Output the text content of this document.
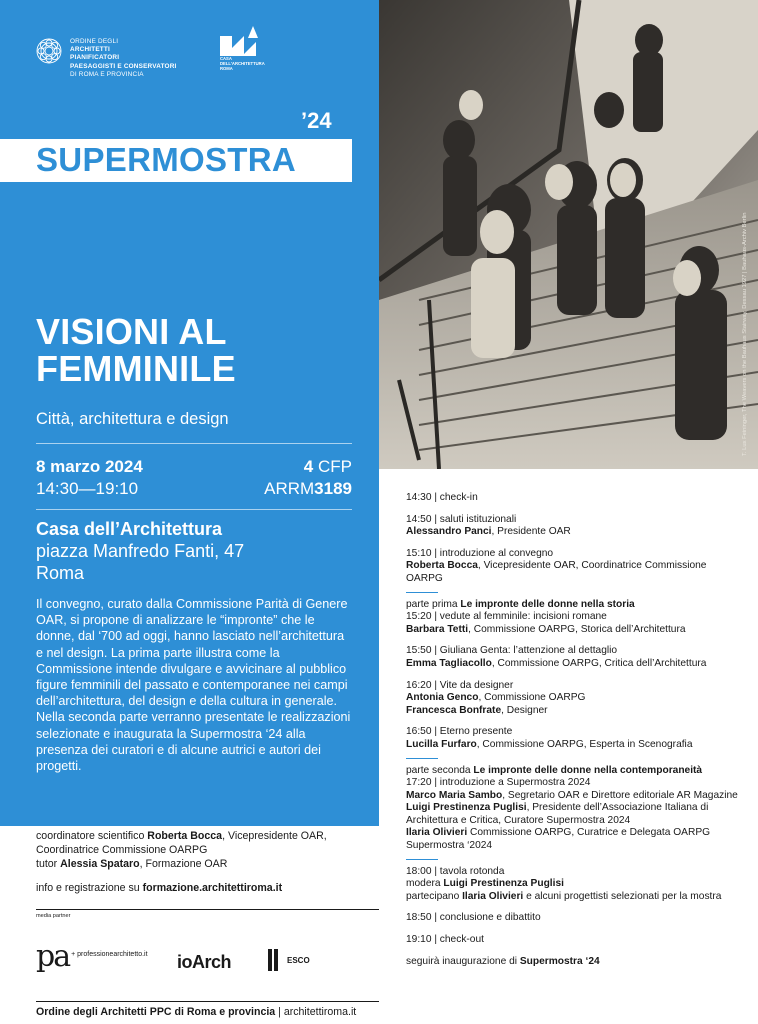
ORDINE DEGLI
ARCHITETTI
PIANIFICATORI
PAESAGGISTI E CONSERVATORI
DI ROMA E PROVINCIA
CASA
DELL'ARCHITETTURA
ROMA
’24
SUPERMOSTRA
VISIONI AL
FEMMINILE
Città, architettura e design
8 marzo 2024
14:30—19:10
4 CFP
ARRM3189
Casa dell’Architettura
piazza Manfredo Fanti, 47
Roma
Il convegno, curato dalla Commissione Parità di Genere OAR, si propone di analizzare le “impronte” che le donne, dal ‘700 ad oggi, hanno lasciato nell’architettura e nel design. La prima parte illustra come la Commissione intende divulgare e avvicinare al pubblico figure femminili del passato e contemporanee nei campi dell’architettura, del design e della cultura in generale. Nella seconda parte verranno presentate le realizzazioni selezionate e inaugurata la Supermostra ‘24 alla presenza dei curatori e di alcune autrici e autori dei progetti.
coordinatore scientifico Roberta Bocca, Vicepresidente OAR,
Coordinatrice Commissione OARPG
tutor Alessia Spataro, Formazione OAR
info e registrazione su formazione.architettiroma.it
media partner
pa + professionearchitetto.it ioArch	ESCO
Ordine degli Architetti PPC di Roma e provincia | architettiroma.it
T. Lux Feininger, The Weavers on the Bauhaus Stairway, Dessau 1927 | Bauhaus-Archiv Berlin
14:30 | check-in
14:50 | saluti istituzionali
Alessandro Panci, Presidente OAR
15:10 | introduzione al convegno
Roberta Bocca, Vicepresidente OAR, Coordinatrice Commissione OARPG
parte prima Le impronte delle donne nella storia
15:20 | vedute al femminile: incisioni romane
Barbara Tetti, Commissione OARPG, Storica dell’Architettura
15:50 | Giuliana Genta: l’attenzione al dettaglio
Emma Tagliacollo, Commissione OARPG, Critica dell’Architettura
16:20 | Vite da designer
Antonia Genco, Commissione OARPG
Francesca Bonfrate, Designer
16:50 | Eterno presente
Lucilla Furfaro, Commissione OARPG, Esperta in Scenografia
parte seconda Le impronte delle donne nella contemporaneità
17:20 | introduzione a Supermostra 2024
Marco Maria Sambo, Segretario OAR e Direttore editoriale AR Magazine
Luigi Prestinenza Puglisi, Presidente dell’Associazione Italiana di Architettura e Critica, Curatore Supermostra 2024
Ilaria Olivieri Commissione OARPG, Curatrice e Delegata OARPG Supermostra ‘2024
18:00 | tavola rotonda
modera Luigi Prestinenza Puglisi
partecipano Ilaria Olivieri e alcuni progettisti selezionati per la mostra
18:50 | conclusione e dibattito
19:10 | check-out
seguirà inaugurazione di Supermostra ‘24
